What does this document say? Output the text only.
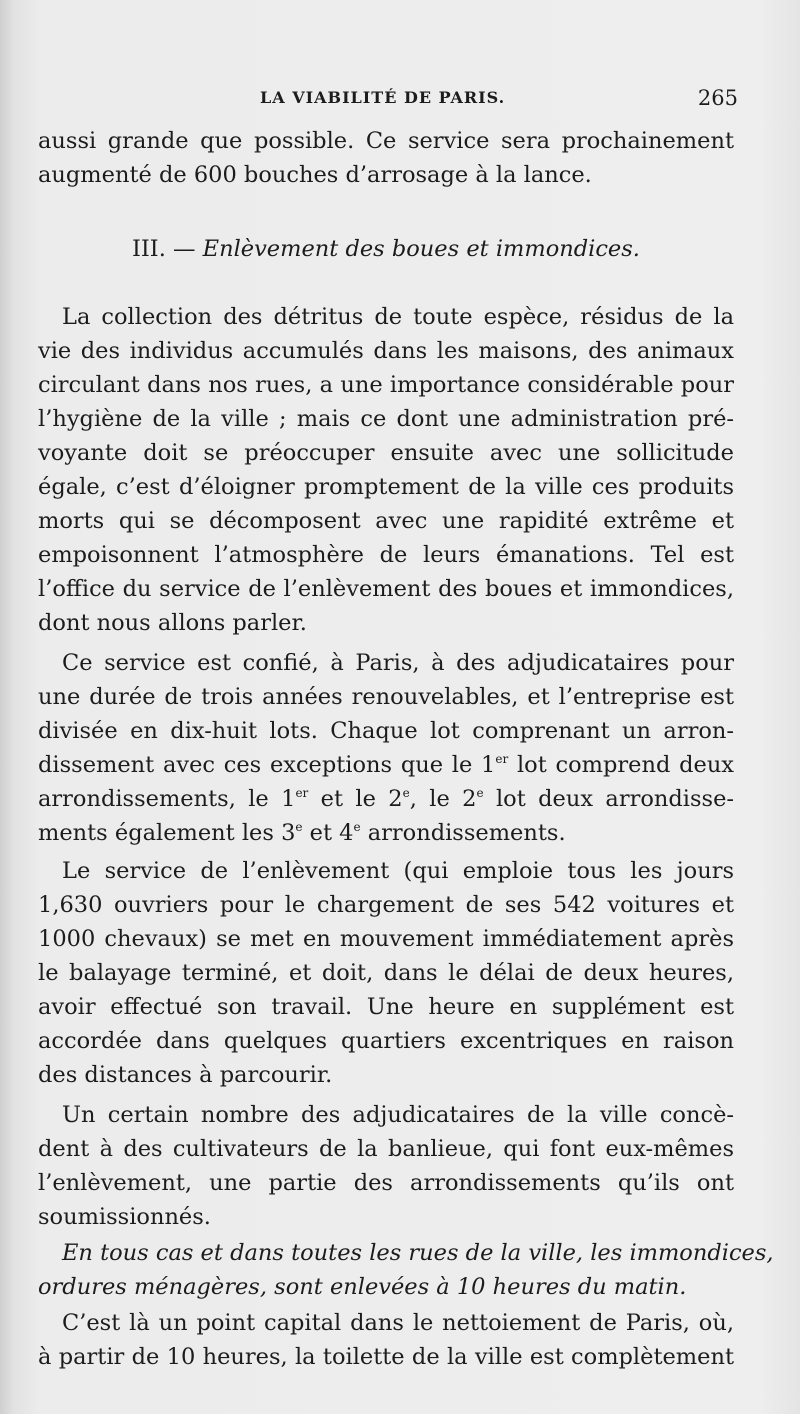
LA VIABILITÉ DE PARIS.	265
aussi grande que possible. Ce service sera prochainement
augmenté de 600 bouches d’arrosage à la lance.
III. — Enlèvement des boues et immondices.
La collection des détritus de toute espèce, résidus de la
vie des individus accumulés dans les maisons, des animaux
circulant dans nos rues, a une importance considérable pour
l’hygiène de la ville ; mais ce dont une administration pré-
voyante doit se préoccuper ensuite avec une sollicitude
égale, c’est d’éloigner promptement de la ville ces produits
morts qui se décomposent avec une rapidité extrême et
empoisonnent l’atmosphère de leurs émanations. Tel est
l’office du service de l’enlèvement des boues et immondices,
dont nous allons parler.
Ce service est confié, à Paris, à des adjudicataires pour
une durée de trois années renouvelables, et l’entreprise est
divisée en dix-huit lots. Chaque lot comprenant un arron-
dissement avec ces exceptions que le 1er lot comprend deux
arrondissements, le 1er et le 2e, le 2e lot deux arrondisse-
ments également les 3e et 4e arrondissements.
Le service de l’enlèvement (qui emploie tous les jours
1,630 ouvriers pour le chargement de ses 542 voitures et
1000 chevaux) se met en mouvement immédiatement après
le balayage terminé, et doit, dans le délai de deux heures,
avoir effectué son travail. Une heure en supplément est
accordée dans quelques quartiers excentriques en raison
des distances à parcourir.
Un certain nombre des adjudicataires de la ville concè-
dent à des cultivateurs de la banlieue, qui font eux-mêmes
l’enlèvement, une partie des arrondissements qu’ils ont
soumissionnés.
En tous cas et dans toutes les rues de la ville, les immondices,
ordures ménagères, sont enlevées à 10 heures du matin.
C’est là un point capital dans le nettoiement de Paris, où,
à partir de 10 heures, la toilette de la ville est complètement
